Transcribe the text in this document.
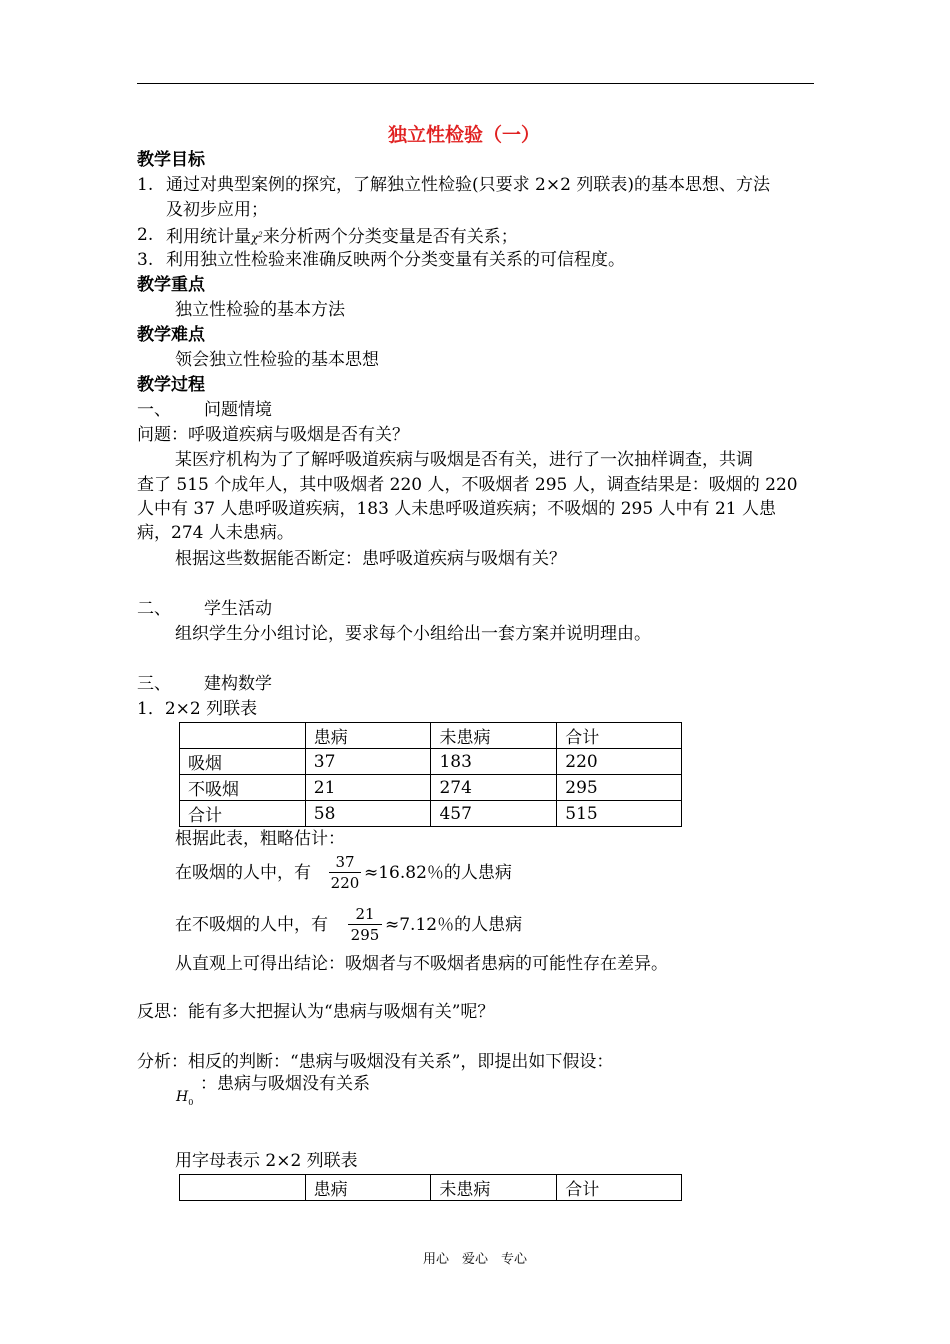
独立性检验（一）
教学目标
1. 通过对典型案例的探究，了解独立性检验(只要求 2×2 列联表)的基本思想、方法
及初步应用；
2. 利用统计量$\chi^2$来分析两个分类变量是否有关系；
3. 利用独立性检验来准确反映两个分类变量有关系的可信程度。
教学重点
独立性检验的基本方法
教学难点
领会独立性检验的基本思想
教学过程
一、 问题情境
问题：呼吸道疾病与吸烟是否有关？
某医疗机构为了了解呼吸道疾病与吸烟是否有关，进行了一次抽样调查，共调
查了 515 个成年人，其中吸烟者 220 人，不吸烟者 295 人，调查结果是：吸烟的 220
人中有 37 人患呼吸道疾病，183 人未患呼吸道疾病；不吸烟的 295 人中有 21 人患
病，274 人未患病。
根据这些数据能否断定：患呼吸道疾病与吸烟有关？
二、 学生活动
组织学生分小组讨论，要求每个小组给出一套方案并说明理由。
三、 建构数学
1．2×2 列联表
	患病	未患病	合计
吸烟	37	183	220
不吸烟	21	274	295
合计	58	457	515
根据此表，粗略估计：
在吸烟的人中，有
37
220 ≈16.82％的人患病
在不吸烟的人中，有
21
295 ≈7.12％的人患病
从直观上可得出结论：吸烟者与不吸烟者患病的可能性存在差异。
反思：能有多大把握认为“患病与吸烟有关”呢？
分析：相反的判断：“患病与吸烟没有关系”，即提出如下假设：
$H_0$
：患病与吸烟没有关系
用字母表示 2×2 列联表
	患病	未患病	合计
用心　爱心　专心
